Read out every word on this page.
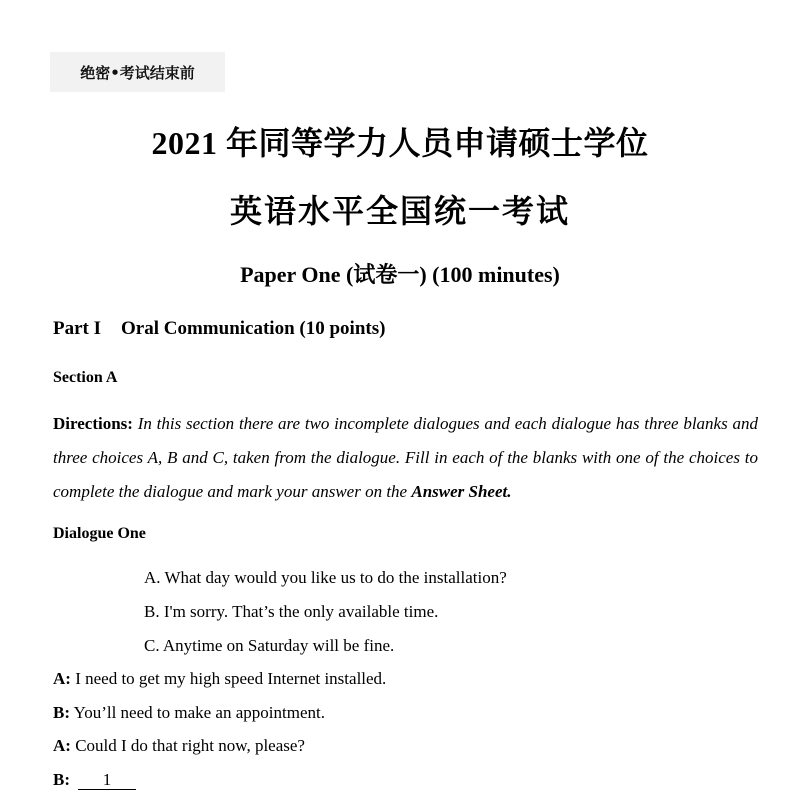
绝密•考试结束前
2021 年同等学力人员申请硕士学位
英语水平全国统一考试
Paper One (试卷一) (100 minutes)
Part I Oral Communication (10 points)
Section A
Directions: In this section there are two incomplete dialogues and each dialogue has three blanks and three choices A, B and C, taken from the dialogue. Fill in each of the blanks with one of the choices to complete the dialogue and mark your answer on the Answer Sheet.
Dialogue One
A. What day would you like us to do the installation?
B. I'm sorry. That’s the only available time.
C. Anytime on Saturday will be fine.
A: I need to get my high speed Internet installed.
B: You’ll need to make an appointment.
A: Could I do that right now, please?
B: 1
